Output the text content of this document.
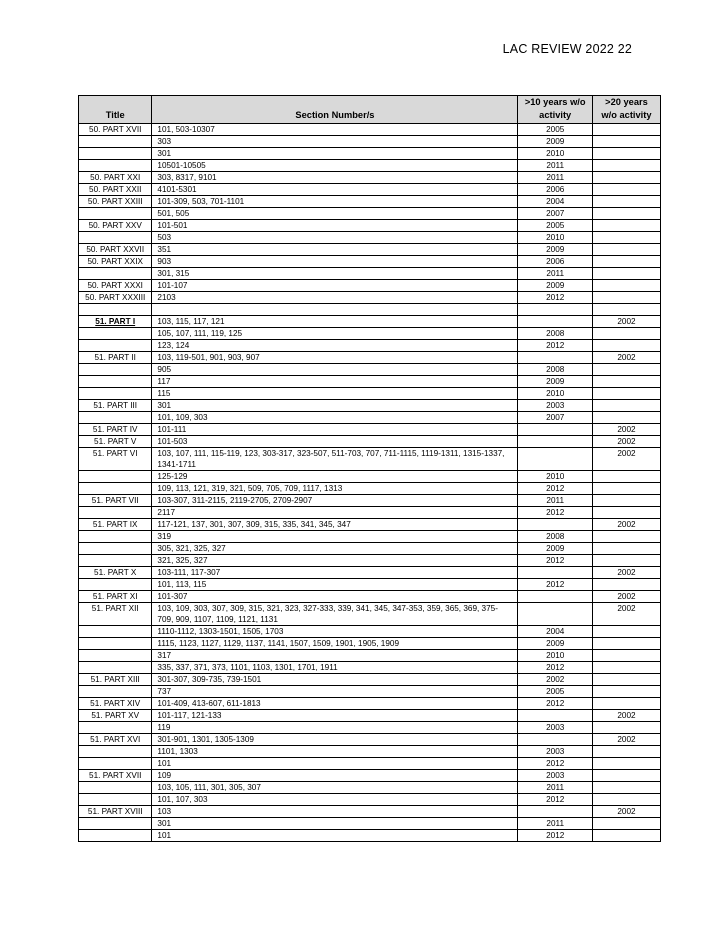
LAC REVIEW 2022 22
Title	Section Number/s	>10 years w/o activity	>20 years w/o activity
50. PART XVII	101, 503-10307	2005	
	303	2009	
	301	2010	
	10501-10505	2011	
50. PART XXI	303, 8317, 9101	2011	
50. PART XXII	4101-5301	2006	
50. PART XXIII	101-309, 503, 701-1101	2004	
	501, 505	2007	
50. PART XXV	101-501	2005	
	503	2010	
50. PART XXVII	351	2009	
50. PART XXIX	903	2006	
	301, 315	2011	
50. PART XXXI	101-107	2009	
50. PART XXXIII	2103	2012	

51. PART I	103, 115, 117, 121		2002
	105, 107, 111, 119, 125	2008	
	123, 124	2012	
51. PART II	103, 119-501, 901, 903, 907		2002
	905	2008	
	117	2009	
	115	2010	
51. PART III	301	2003	
	101, 109, 303	2007	
51. PART IV	101-111		2002
51. PART V	101-503		2002
51. PART VI	103, 107, 111, 115-119, 123, 303-317, 323-507, 511-703, 707, 711-1115, 1119-1311, 1315-1337, 1341-1711		2002
	125-129	2010	
	109, 113, 121, 319, 321, 509, 705, 709, 1117, 1313	2012	
51. PART VII	103-307, 311-2115, 2119-2705, 2709-2907	2011	
	2117	2012	
51. PART IX	117-121, 137, 301, 307, 309, 315, 335, 341, 345, 347		2002
	319	2008	
	305, 321, 325, 327	2009	
	321, 325, 327	2012	
51. PART X	103-111, 117-307		2002
	101, 113, 115	2012	
51. PART XI	101-307		2002
51. PART XII	103, 109, 303, 307, 309, 315, 321, 323, 327-333, 339, 341, 345, 347-353, 359, 365, 369, 375-709, 909, 1107, 1109, 1121, 1131		2002
	1110-1112, 1303-1501, 1505, 1703	2004	
	1115, 1123, 1127, 1129, 1137, 1141, 1507, 1509, 1901, 1905, 1909	2009	
	317	2010	
	335, 337, 371, 373, 1101, 1103, 1301, 1701, 1911	2012	
51. PART XIII	301-307, 309-735, 739-1501	2002	
	737	2005	
51. PART XIV	101-409, 413-607, 611-1813	2012	
51. PART XV	101-117, 121-133		2002
	119	2003	
51. PART XVI	301-901, 1301, 1305-1309		2002
	1101, 1303	2003	
	101	2012	
51. PART XVII	109	2003	
	103, 105, 111, 301, 305, 307	2011	
	101, 107, 303	2012	
51. PART XVIII	103		2002
	301	2011	
	101	2012	
